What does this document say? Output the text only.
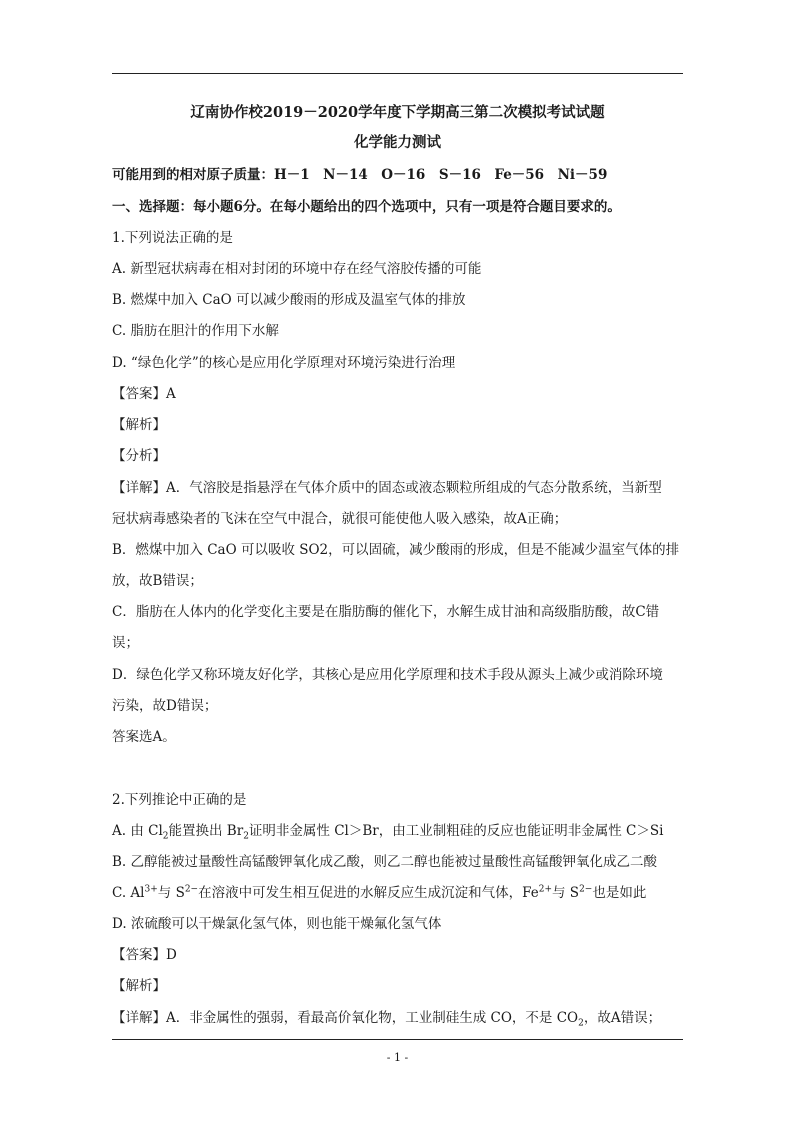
辽南协作校2019－2020学年度下学期高三第二次模拟考试试题
化学能力测试
可能用到的相对原子质量：H－1　N－14　O－16　S－16　Fe－56　Ni－59
一、选择题：每小题6分。在每小题给出的四个选项中，只有一项是符合题目要求的。
1.下列说法正确的是
A. 新型冠状病毒在相对封闭的环境中存在经气溶胶传播的可能
B. 燃煤中加入 CaO 可以减少酸雨的形成及温室气体的排放
C. 脂肪在胆汁的作用下水解
D. “绿色化学”的核心是应用化学原理对环境污染进行治理
【答案】A
【解析】
【分析】
【详解】A．气溶胶是指悬浮在气体介质中的固态或液态颗粒所组成的气态分散系统，当新型
冠状病毒感染者的飞沫在空气中混合，就很可能使他人吸入感染，故A正确；
B．燃煤中加入 CaO 可以吸收 SO2，可以固硫，减少酸雨的形成，但是不能减少温室气体的排
放，故B错误；
C．脂肪在人体内的化学变化主要是在脂肪酶的催化下，水解生成甘油和高级脂肪酸，故C错
误；
D．绿色化学又称环境友好化学，其核心是应用化学原理和技术手段从源头上减少或消除环境
污染，故D错误；
答案选A。
2.下列推论中正确的是
A. 由 $Cl_2$能置换出 $Br_2$证明非金属性 Cl＞Br，由工业制粗硅的反应也能证明非金属性 C＞Si
B. 乙醇能被过量酸性高锰酸钾氧化成乙酸，则乙二醇也能被过量酸性高锰酸钾氧化成乙二酸
C. $Al^{3+}$与 $S^{2-}$在溶液中可发生相互促进的水解反应生成沉淀和气体，$Fe^{2+}$与 $S^{2-}$也是如此
D. 浓硫酸可以干燥氯化氢气体，则也能干燥氟化氢气体
【答案】D
【解析】
【详解】A．非金属性的强弱，看最高价氧化物，工业制硅生成 CO，不是 $CO_2$，故A错误；
- 1 -
